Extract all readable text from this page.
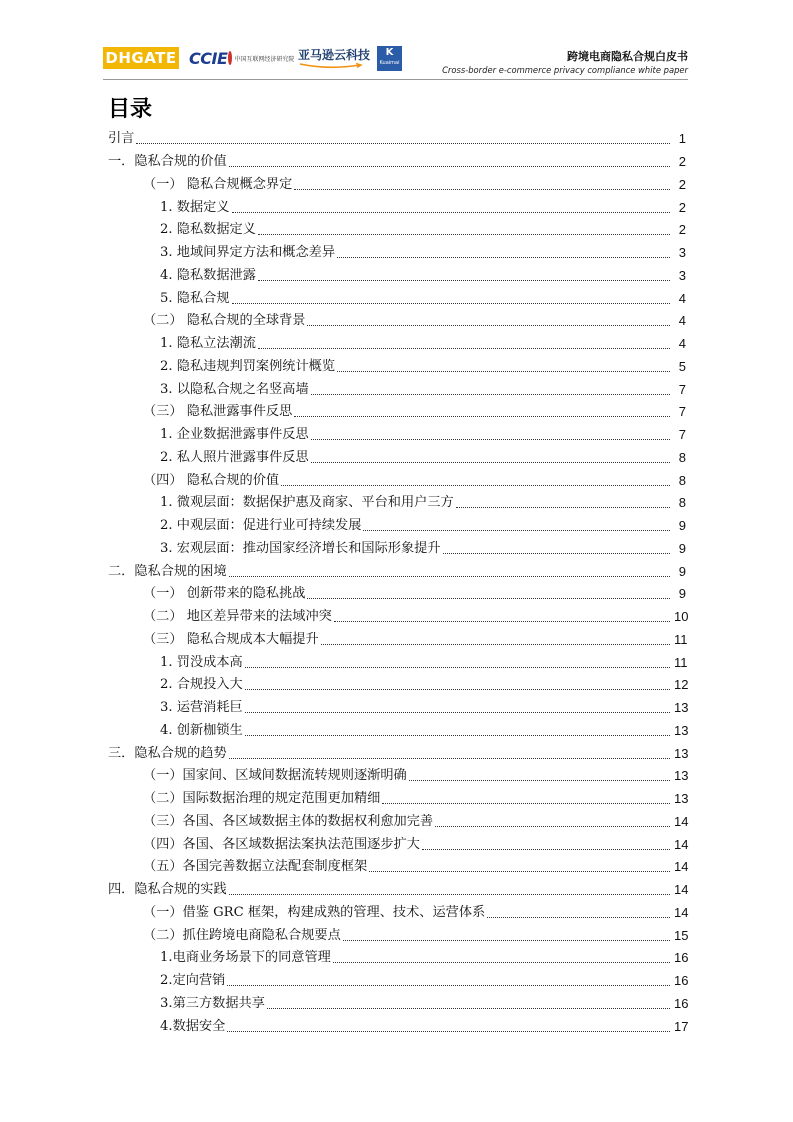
DHGATE CCIE 中国互联网经济研究院 亚马逊云科技	K
Kuaimai	跨境电商隐私合规白皮书
Cross-border e-commerce privacy compliance white paper
目录
引言	1
一．隐私合规的价值	2
（一） 隐私合规概念界定	2
1. 数据定义	2
2. 隐私数据定义	2
3. 地域间界定方法和概念差异	3
4. 隐私数据泄露	3
5. 隐私合规	4
（二） 隐私合规的全球背景	4
1. 隐私立法潮流	4
2. 隐私违规判罚案例统计概览	5
3. 以隐私合规之名竖高墙	7
（三） 隐私泄露事件反思	7
1. 企业数据泄露事件反思	7
2. 私人照片泄露事件反思	8
（四） 隐私合规的价值	8
1. 微观层面：数据保护惠及商家、平台和用户三方	8
2. 中观层面：促进行业可持续发展	9
3. 宏观层面：推动国家经济增长和国际形象提升	9
二．隐私合规的困境	9
（一） 创新带来的隐私挑战	9
（二） 地区差异带来的法域冲突	10
（三） 隐私合规成本大幅提升	11
1. 罚没成本高	11
2. 合规投入大	12
3. 运营消耗巨	13
4. 创新枷锁生	13
三．隐私合规的趋势	13
（一）国家间、区域间数据流转规则逐渐明确	13
（二）国际数据治理的规定范围更加精细	13
（三）各国、各区域数据主体的数据权利愈加完善	14
（四）各国、各区域数据法案执法范围逐步扩大	14
（五）各国完善数据立法配套制度框架	14
四．隐私合规的实践	14
（一）借鉴 GRC 框架，构建成熟的管理、技术、运营体系	14
（二）抓住跨境电商隐私合规要点	15
1.电商业务场景下的同意管理	16
2.定向营销	16
3.第三方数据共享	16
4.数据安全	17
